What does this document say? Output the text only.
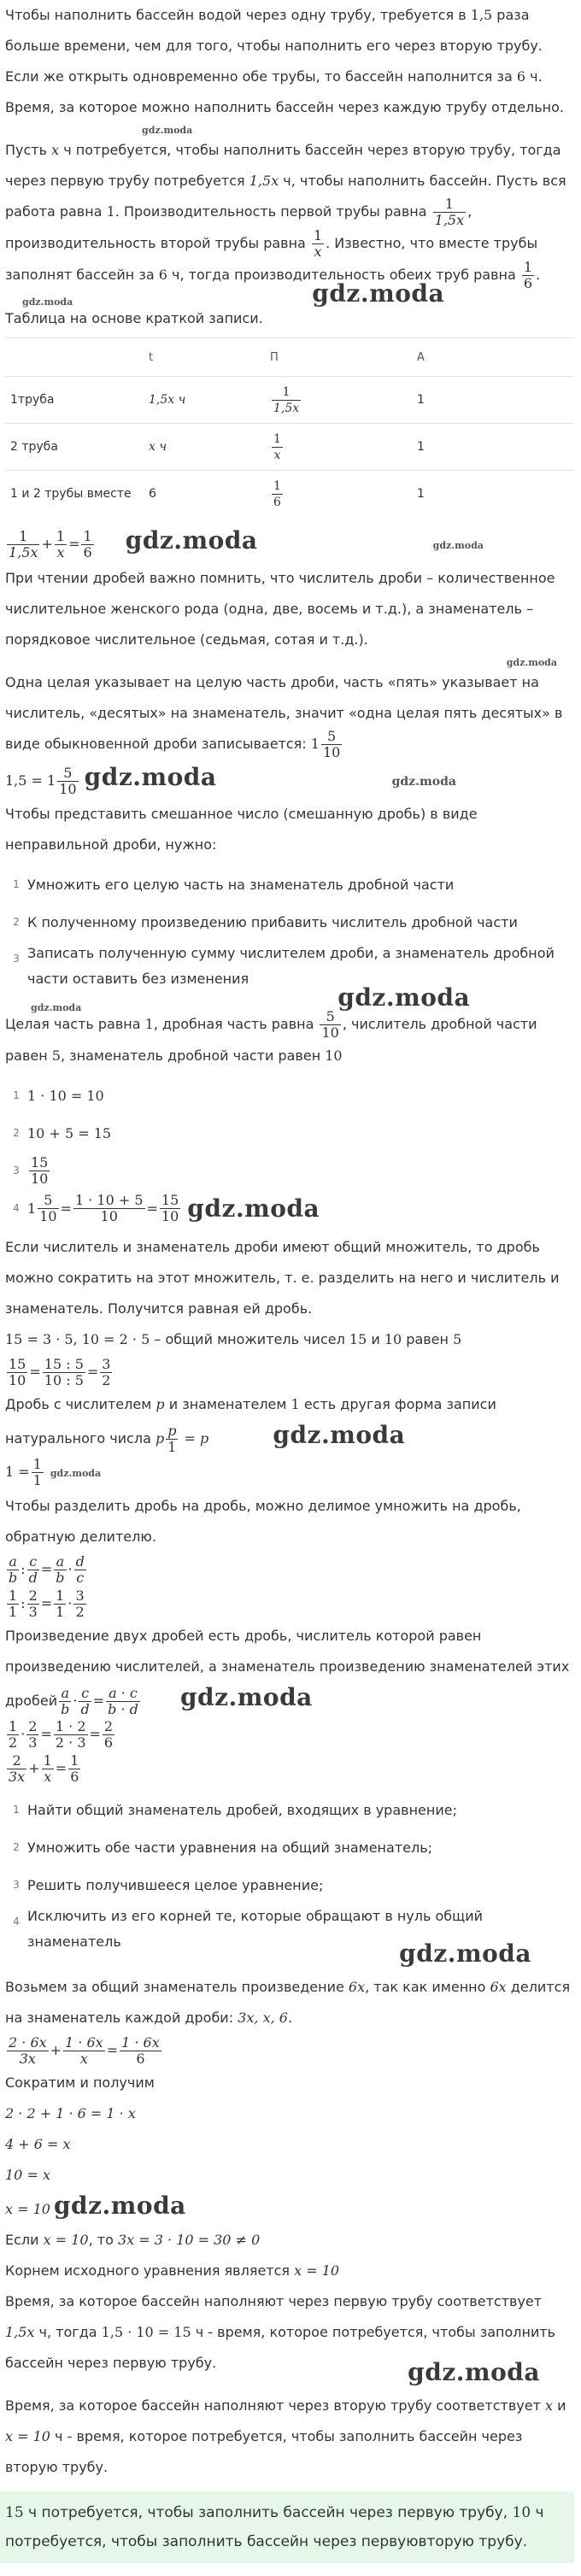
Чтобы наполнить бассейн водой через одну трубу, требуется в 1,5 раза больше времени, чем для того, чтобы наполнить его через вторую трубу. Если же открыть одновременно обе трубы, то бассейн наполнится за 6 ч. Время, за которое можно наполнить бассейн через каждую трубу отдельно.

gdz.moda

Пусть x ч потребуется, чтобы наполнить бассейн через вторую трубу, тогда через первую трубу потребуется 1,5x ч, чтобы наполнить бассейн. Пусть вся работа равна 1. Производительность первой трубы равна $\frac{1}{1,5x}$ , производительность второй трубы равна $\frac{1}{x}$ . Известно, что вместе трубы заполнят бассейн за 6 ч, тогда производительность обеих труб равна $\frac{1}{6}$ .

gdz.moda	gdz.moda

Таблица на основе краткой записи.

	t	П	A
1труба	1,5x ч	$\frac{1}{1,5x}$	1
2 труба	x ч	$\frac{1}{x}$	1
1 и 2 трубы вместе	6	$\frac{1}{6}$	1

$\frac{1}{1,5x} + \frac{1}{x} = \frac{1}{6}$ gdz.moda	gdz.moda

При чтении дробей важно помнить, что числитель дроби – количественное числительное женского рода (одна, две, восемь и т.д.), а знаменатель – порядковое числительное (седьмая, сотая и т.д.).

gdz.moda

Одна целая указывает на целую часть дроби, часть «пять» указывает на числитель, «десятых» на знаменатель, значит «одна целая пять десятых» в виде обыкновенной дроби записывается: $1 \frac{5}{10}$

$1,5 = 1 \frac{5}{10}$ gdz.moda	gdz.moda

Чтобы представить смешанное число (смешанную дробь) в виде неправильной дроби, нужно:

1 Умножить его целую часть на знаменатель дробной части
2 К полученному произведению прибавить числитель дробной части
3 Записать полученную сумму числителем дроби, а знаменатель дробной части оставить без изменения
gdz.moda	gdz.moda

Целая часть равна 1, дробная часть равна $\frac{5}{10}$ , числитель дробной части равен 5, знаменатель дробной части равен 10

1 1 · 10 = 10
2 10 + 5 = 15
$3 \frac{15}{10}$
4 $1 \frac{5}{10} = \frac{1 \cdot 10 + 5}{10} = \frac{15}{10}$ gdz.moda

Если числитель и знаменатель дроби имеют общий множитель, то дробь можно сократить на этот множитель, т. е. разделить на него и числитель и знаменатель. Получится равная ей дробь.

15 = 3 · 5, 10 = 2 · 5 – общий множитель чисел 15 и 10 равен 5

$\frac{15}{10} = \frac{15 : 5}{10 : 5} = \frac{3}{2}$

Дробь с числителем p и знаменателем 1 есть другая форма записи натурального числа p $\frac{p}{1} = p$	gdz.moda

$1 = \frac{1}{1}$ gdz.moda

Чтобы разделить дробь на дробь, можно делимое умножить на дробь, обратную делителю.

$\frac{a}{b}$ : $\frac{c}{d} = \frac{a}{b} \cdot \frac{d}{c}$

$\frac{1}{1}$ : $\frac{2}{3} = \frac{1}{1} \cdot \frac{3}{2}$

Произведение двух дробей есть дробь, числитель которой равен произведению числителей, а знаменатель произведению знаменателей этих дробей $\frac{a}{b} \cdot \frac{c}{d} = \frac{a \cdot c}{b \cdot d}$ gdz.moda

$\frac{1}{2} \cdot \frac{2}{3} = \frac{1 \cdot 2}{2 \cdot 3} = \frac{2}{6}$

$\frac{2}{3x} + \frac{1}{x} = \frac{1}{6}$

1 Найти общий знаменатель дробей, входящих в уравнение;
2 Умножить обе части уравнения на общий знаменатель;
3 Решить получившееся целое уравнение;
4 Исключить из его корней те, которые обращают в нуль общий знаменатель	gdz.moda

Возьмем за общий знаменатель произведение 6x, так как именно 6x делится на знаменатель каждой дроби: 3x, x, 6.

$\frac{2 \cdot 6x}{3x} + \frac{1 \cdot 6x}{x} = \frac{1 \cdot 6x}{6}$

Сократим и получим

2 · 2 + 1 · 6 = 1 · x

4 + 6 = x

10 = x

x = 10 gdz.moda

Если x = 10, то 3x = 3 · 10 = 30 ≠ 0

Корнем исходного уравнения является x = 10

Время, за которое бассейн наполняют через первую трубу соответствует 1,5x ч, тогда 1,5 · 10 = 15 ч - время, которое потребуется, чтобы заполнить бассейн через первую трубу.	gdz.moda

Время, за которое бассейн наполняют через вторую трубу соответствует x и x = 10 ч - время, которое потребуется, чтобы заполнить бассейн через вторую трубу.

15 ч потребуется, чтобы заполнить бассейн через первую трубу, 10 ч потребуется, чтобы заполнить бассейн через первуювторую трубу.
